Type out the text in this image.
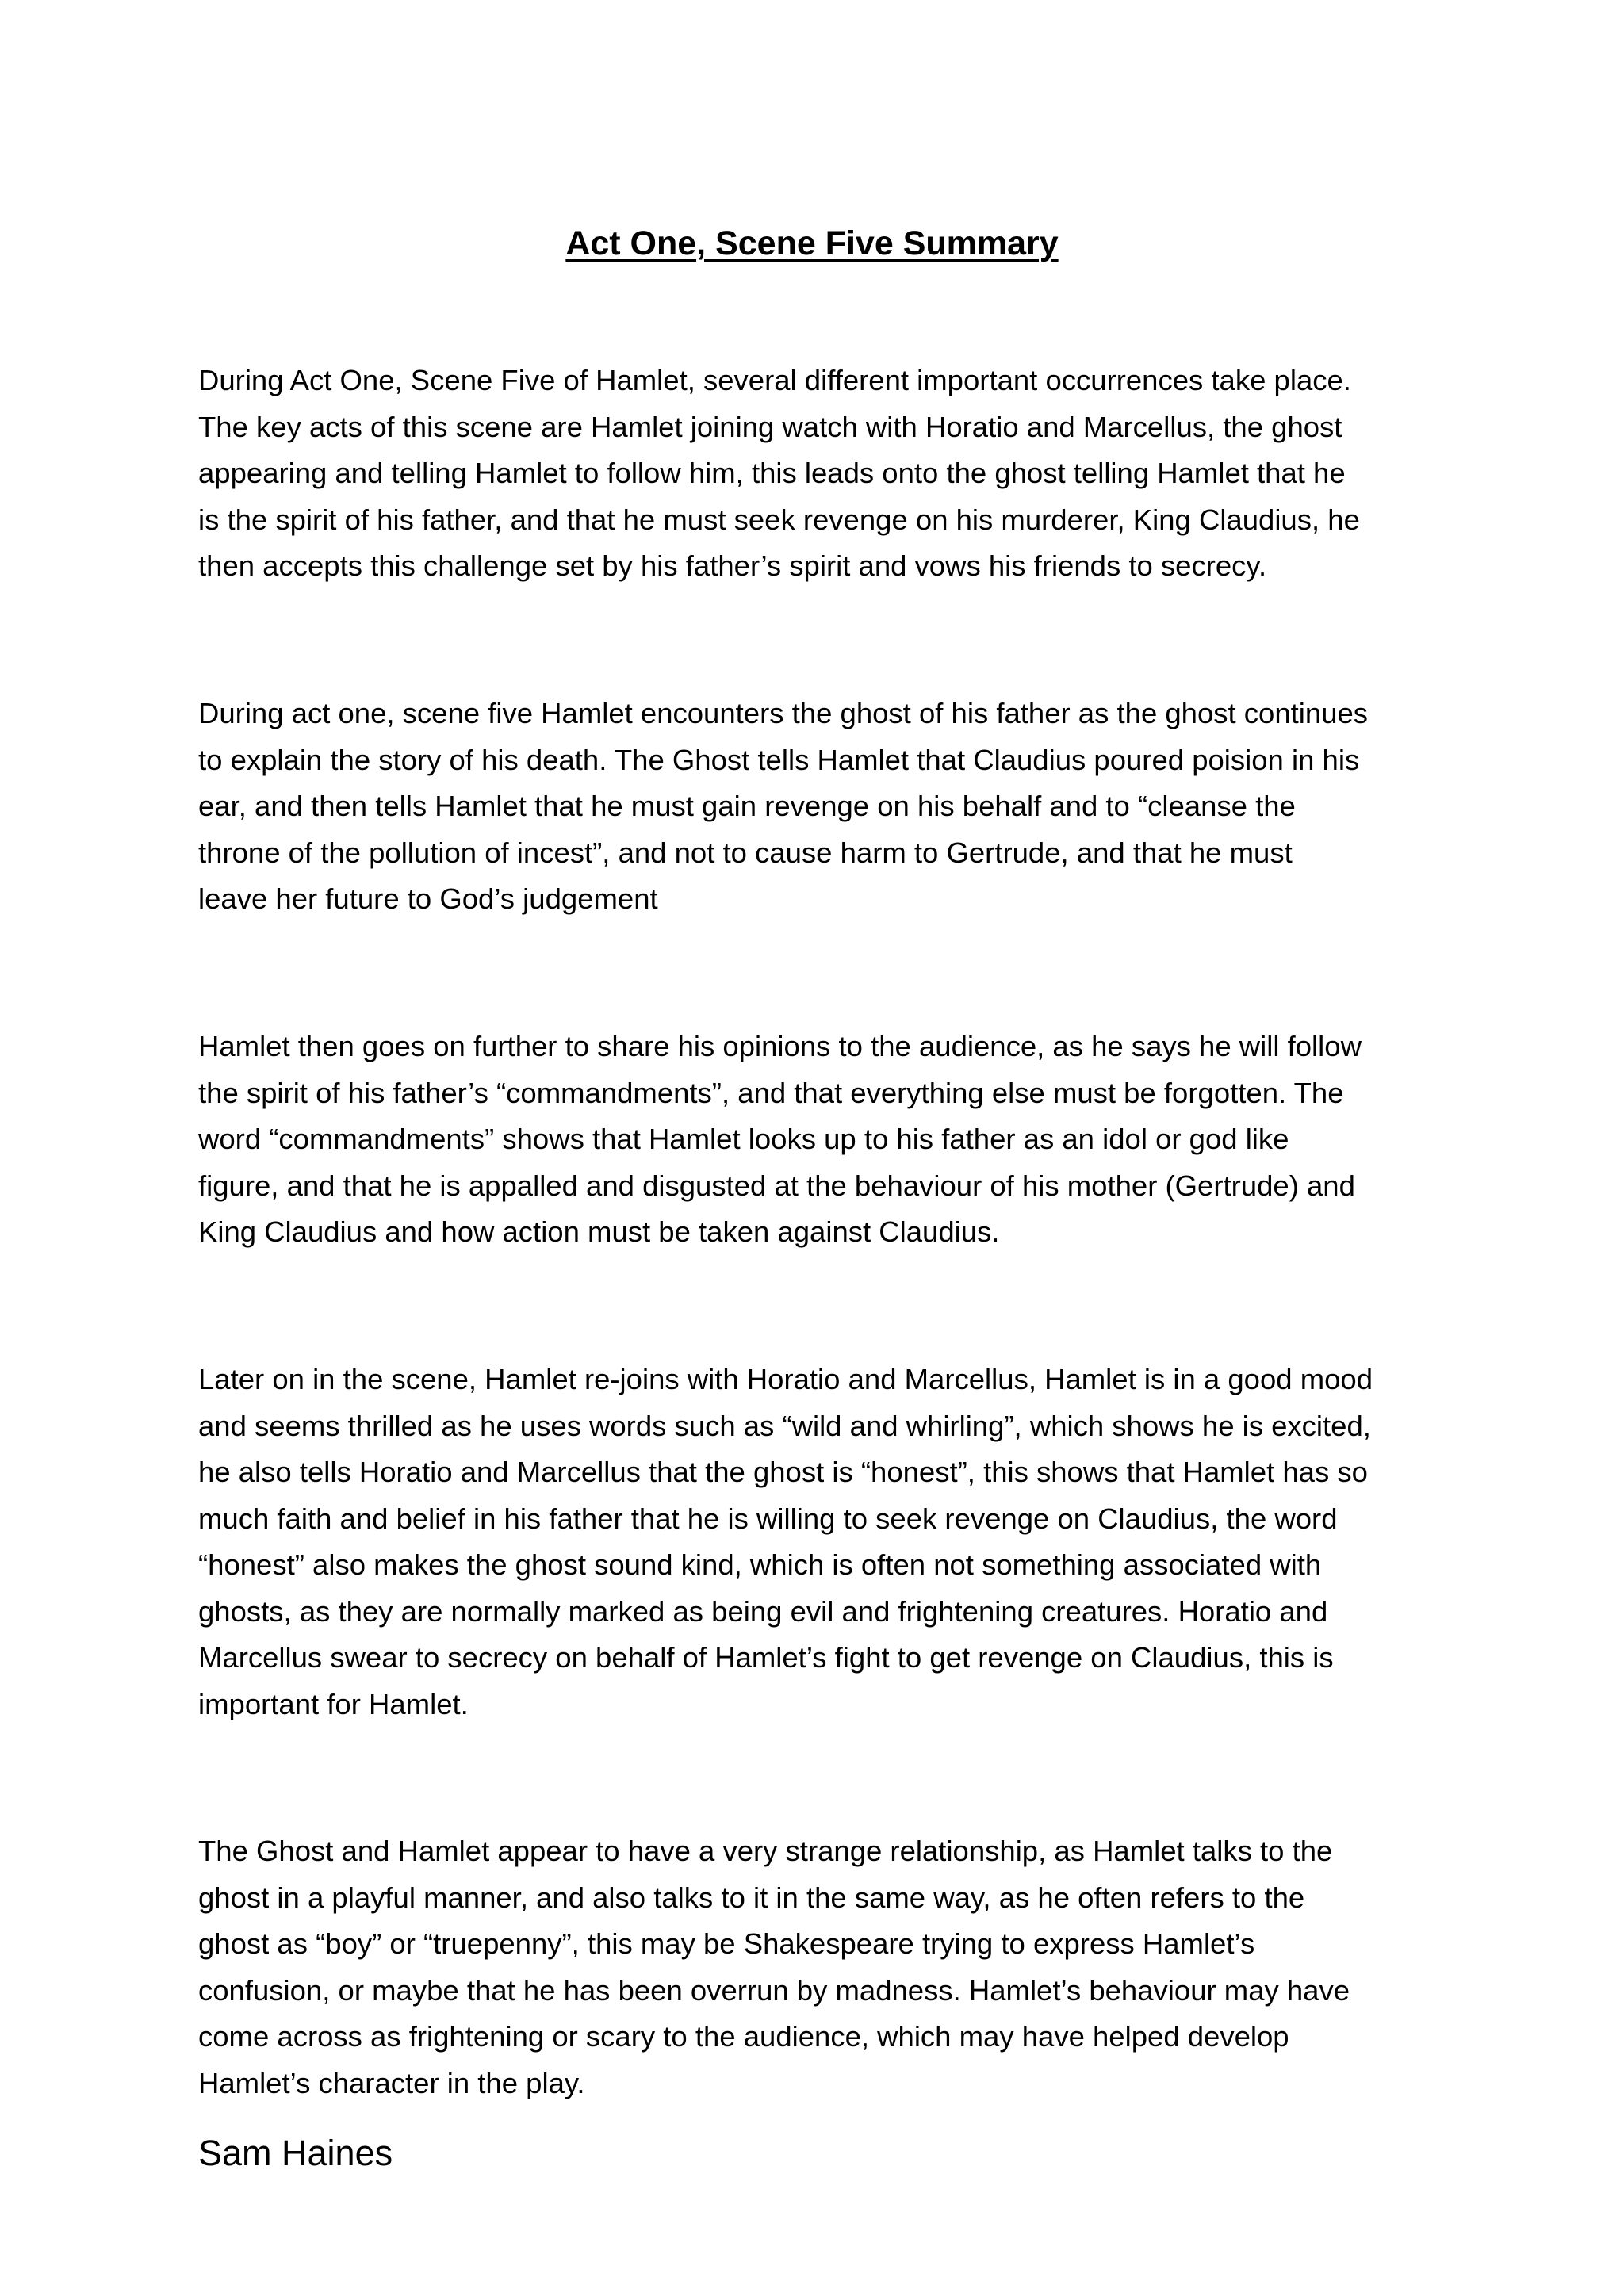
Act One, Scene Five Summary

During Act One, Scene Five of Hamlet, several different important occurrences take place.
The key acts of this scene are Hamlet joining watch with Horatio and Marcellus, the ghost
appearing and telling Hamlet to follow him, this leads onto the ghost telling Hamlet that he
is the spirit of his father, and that he must seek revenge on his murderer, King Claudius, he
then accepts this challenge set by his father’s spirit and vows his friends to secrecy.

During act one, scene five Hamlet encounters the ghost of his father as the ghost continues
to explain the story of his death. The Ghost tells Hamlet that Claudius poured poision in his
ear, and then tells Hamlet that he must gain revenge on his behalf and to “cleanse the
throne of the pollution of incest”, and not to cause harm to Gertrude, and that he must
leave her future to God’s judgement

Hamlet then goes on further to share his opinions to the audience, as he says he will follow
the spirit of his father’s “commandments”, and that everything else must be forgotten. The
word “commandments” shows that Hamlet looks up to his father as an idol or god like
figure, and that he is appalled and disgusted at the behaviour of his mother (Gertrude) and
King Claudius and how action must be taken against Claudius.

Later on in the scene, Hamlet re-joins with Horatio and Marcellus, Hamlet is in a good mood
and seems thrilled as he uses words such as “wild and whirling”, which shows he is excited,
he also tells Horatio and Marcellus that the ghost is “honest”, this shows that Hamlet has so
much faith and belief in his father that he is willing to seek revenge on Claudius, the word
“honest” also makes the ghost sound kind, which is often not something associated with
ghosts, as they are normally marked as being evil and frightening creatures. Horatio and
Marcellus swear to secrecy on behalf of Hamlet’s fight to get revenge on Claudius, this is
important for Hamlet.

The Ghost and Hamlet appear to have a very strange relationship, as Hamlet talks to the
ghost in a playful manner, and also talks to it in the same way, as he often refers to the
ghost as “boy” or “truepenny”, this may be Shakespeare trying to express Hamlet’s
confusion, or maybe that he has been overrun by madness. Hamlet’s behaviour may have
come across as frightening or scary to the audience, which may have helped develop
Hamlet’s character in the play.

Sam Haines
